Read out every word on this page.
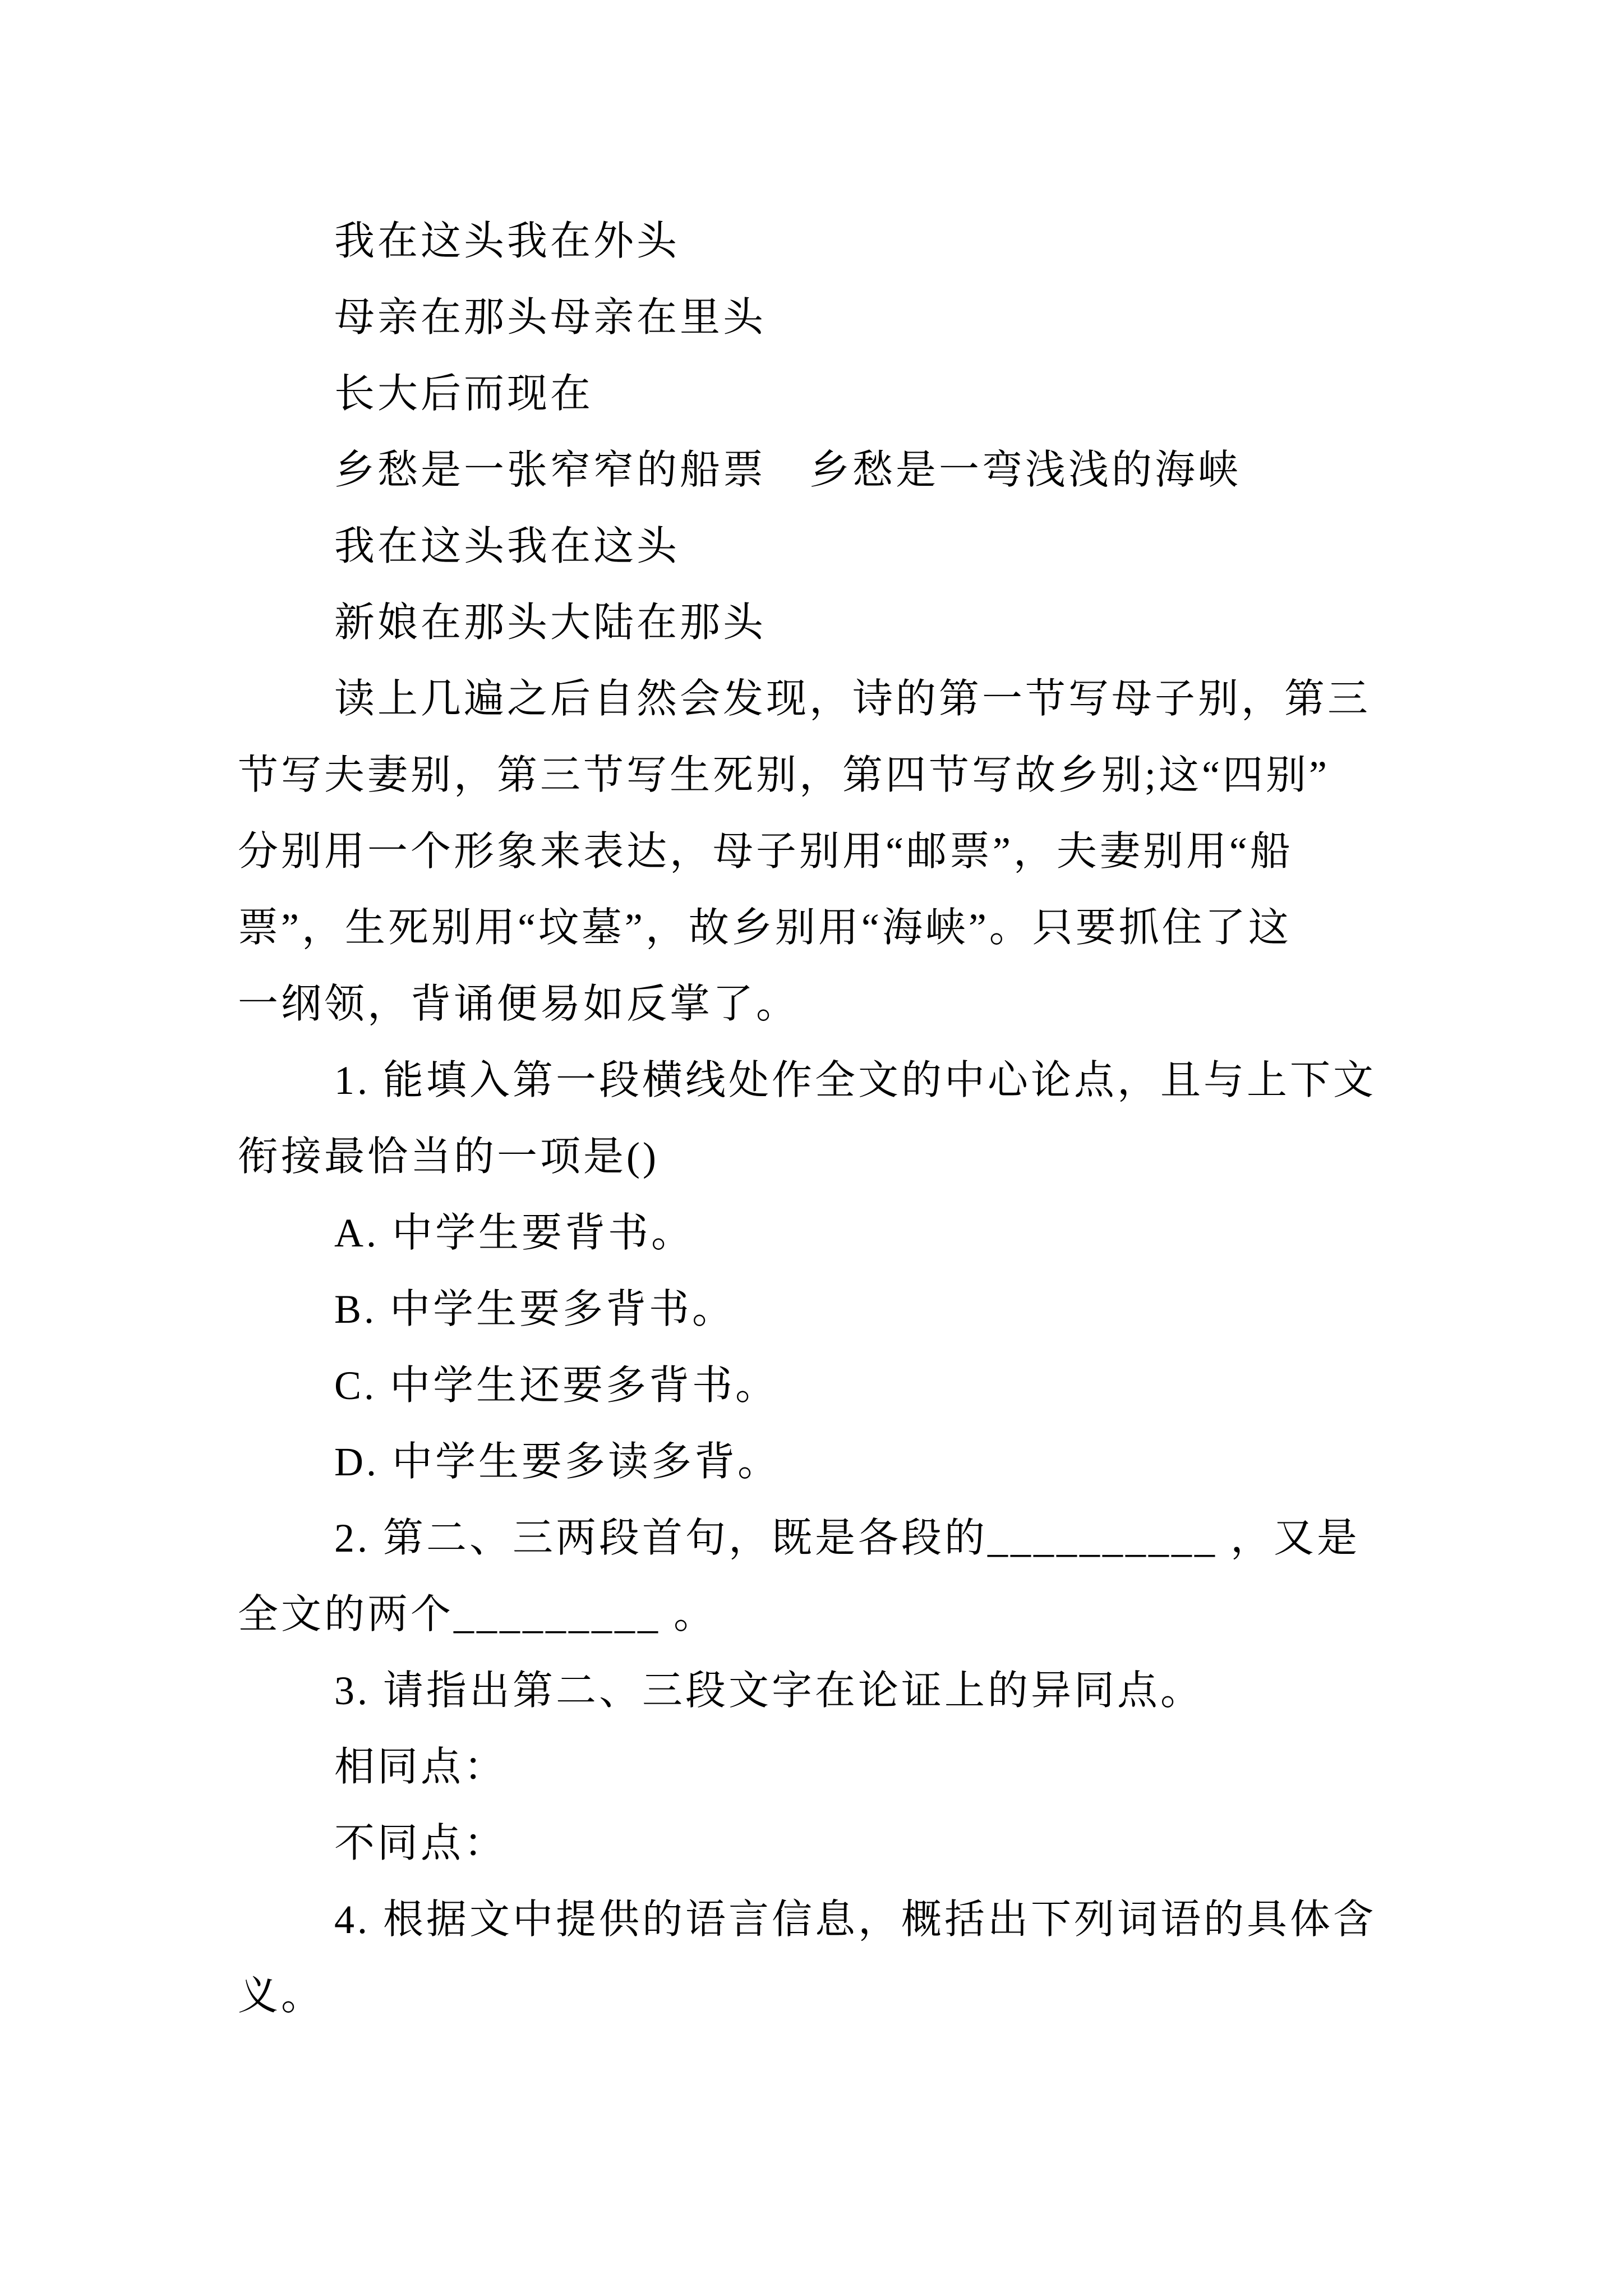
我在这头我在外头
母亲在那头母亲在里头
长大后而现在
乡愁是一张窄窄的船票　乡愁是一弯浅浅的海峡
我在这头我在这头
新娘在那头大陆在那头
读上几遍之后自然会发现，诗的第一节写母子别，第三
节写夫妻别，第三节写生死别，第四节写故乡别;这“四别”
分别用一个形象来表达，母子别用“邮票”，夫妻别用“船
票”，生死别用“坟墓”，故乡别用“海峡”。只要抓住了这
一纲领，背诵便易如反掌了。
1. 能填入第一段横线处作全文的中心论点，且与上下文
衔接最恰当的一项是()
A. 中学生要背书。
B. 中学生要多背书。
C. 中学生还要多背书。
D. 中学生要多读多背。
2. 第二、三两段首句，既是各段的__________ ，又是
全文的两个_________ 。
3. 请指出第二、三段文字在论证上的异同点。
相同点：
不同点：
4. 根据文中提供的语言信息，概括出下列词语的具体含
义。
